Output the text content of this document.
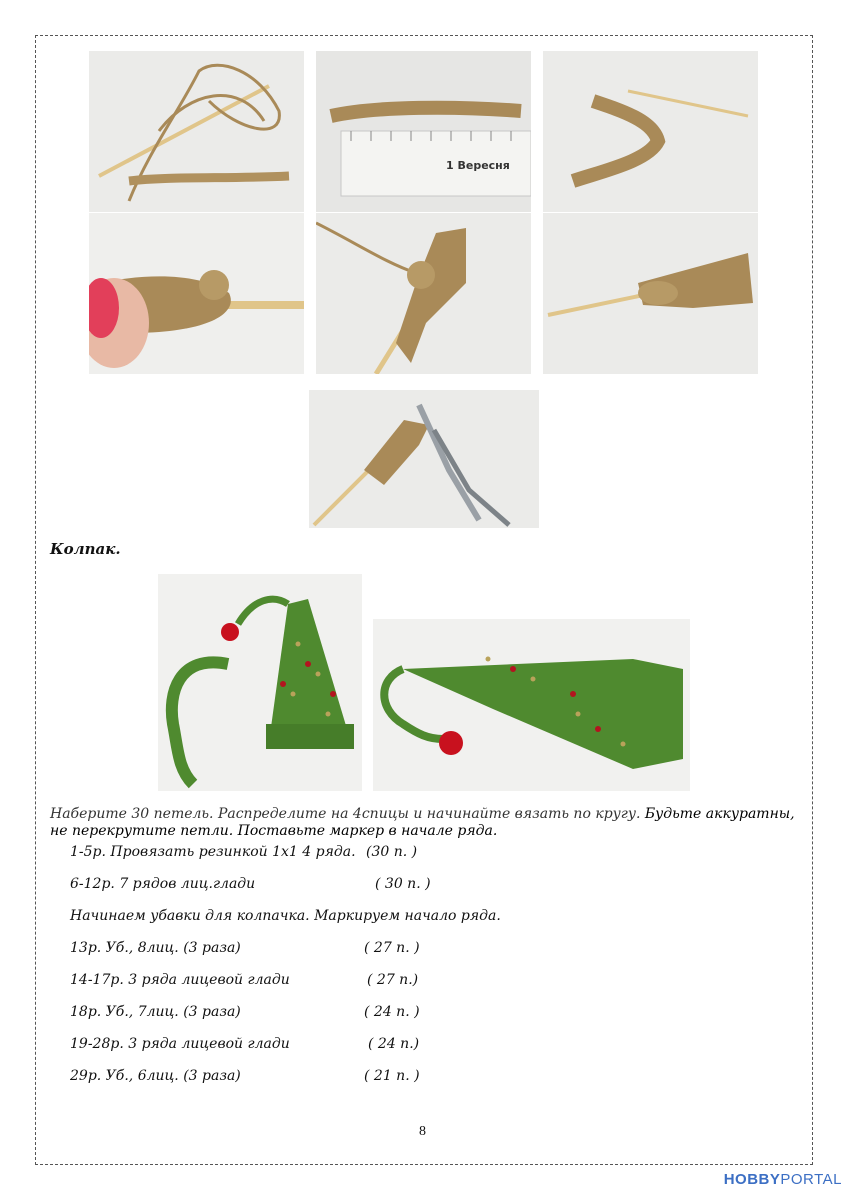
1 Вересня
Колпак.
Наберите 30 петель. Распределите на 4спицы и начинайте вязать по кругу. Будьте аккуратны, не перекрутите петли. Поставьте маркер в начале ряда.
1-5р. Провязать резинкой 1х1 4 ряда. (30 п. )
6-12р. 7 рядов лиц.глади	( 30 п. )
Начинаем убавки для колпачка. Маркируем начало ряда.
13р. Уб., 8лиц. (3 раза)	( 27 п. )
14-17р. 3 ряда лицевой глади	( 27 п.)
18р. Уб., 7лиц. (3 раза)	( 24 п. )
19-28р. 3 ряда лицевой глади	( 24 п.)
29р. Уб., 6лиц. (3 раза)	( 21 п. )
8
HOBBYPORTAL
